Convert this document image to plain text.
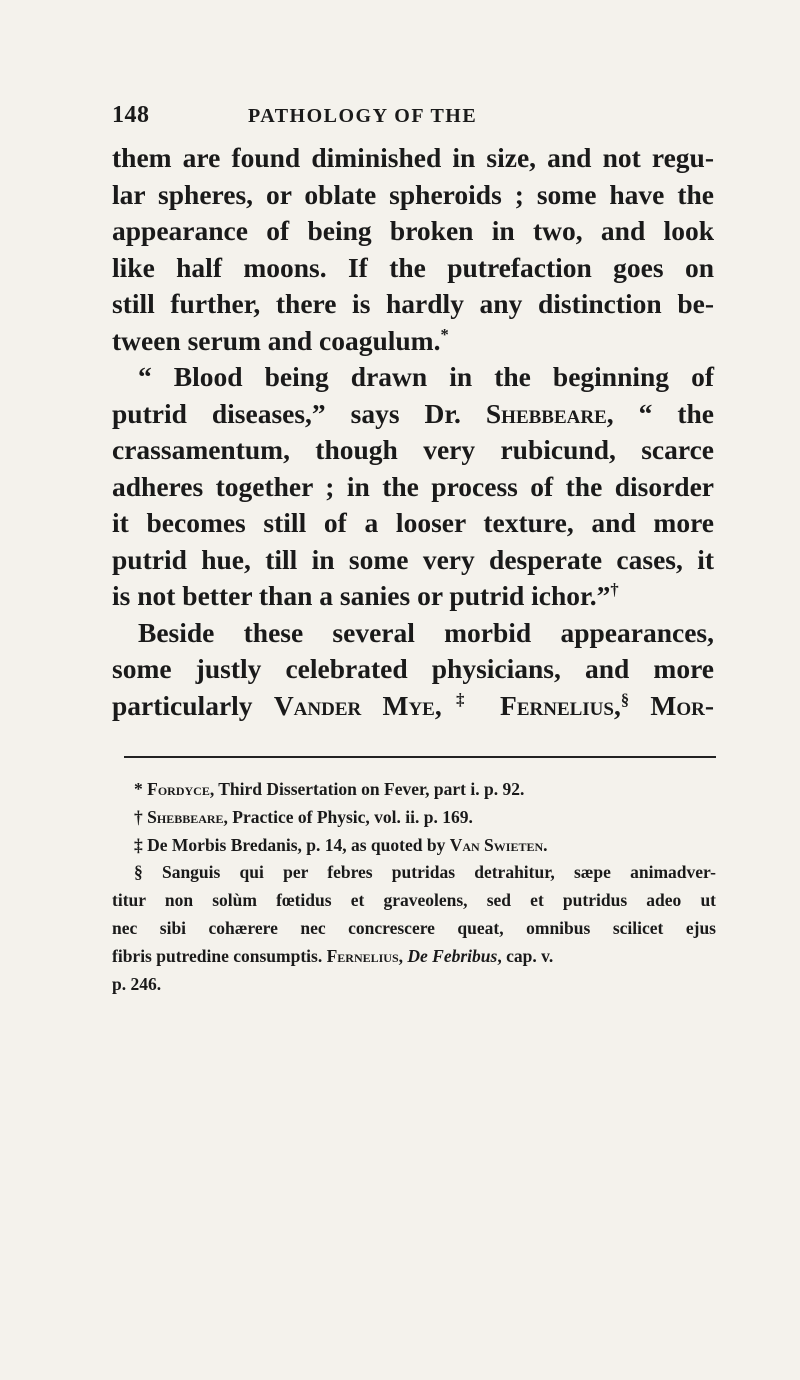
148	PATHOLOGY OF THE
them are found diminished in size, and not regu-
lar spheres, or oblate spheroids ; some have the
appearance of being broken in two, and look
like half moons. If the putrefaction goes on
still further, there is hardly any distinction be-
tween serum and coagulum.*
“ Blood being drawn in the beginning of
putrid diseases,” says Dr. Shebbeare, “ the
crassamentum, though very rubicund, scarce
adheres together ; in the process of the disorder
it becomes still of a looser texture, and more
putrid hue, till in some very desperate cases, it
is not better than a sanies or putrid ichor.”†
Beside these several morbid appearances,
some justly celebrated physicians, and more
particularly Vander Mye,‡ Fernelius,§ Mor-
* Fordyce, Third Dissertation on Fever, part i. p. 92.
† Shebbeare, Practice of Physic, vol. ii. p. 169.
‡ De Morbis Bredanis, p. 14, as quoted by Van Swieten.
§ Sanguis qui per febres putridas detrahitur, sæpe animadver-
titur non solùm fœtidus et graveolens, sed et putridus adeo ut
nec sibi cohærere nec concrescere queat, omnibus scilicet ejus
fibris putredine consumptis. Fernelius, De Febribus, cap. v.
p. 246.
